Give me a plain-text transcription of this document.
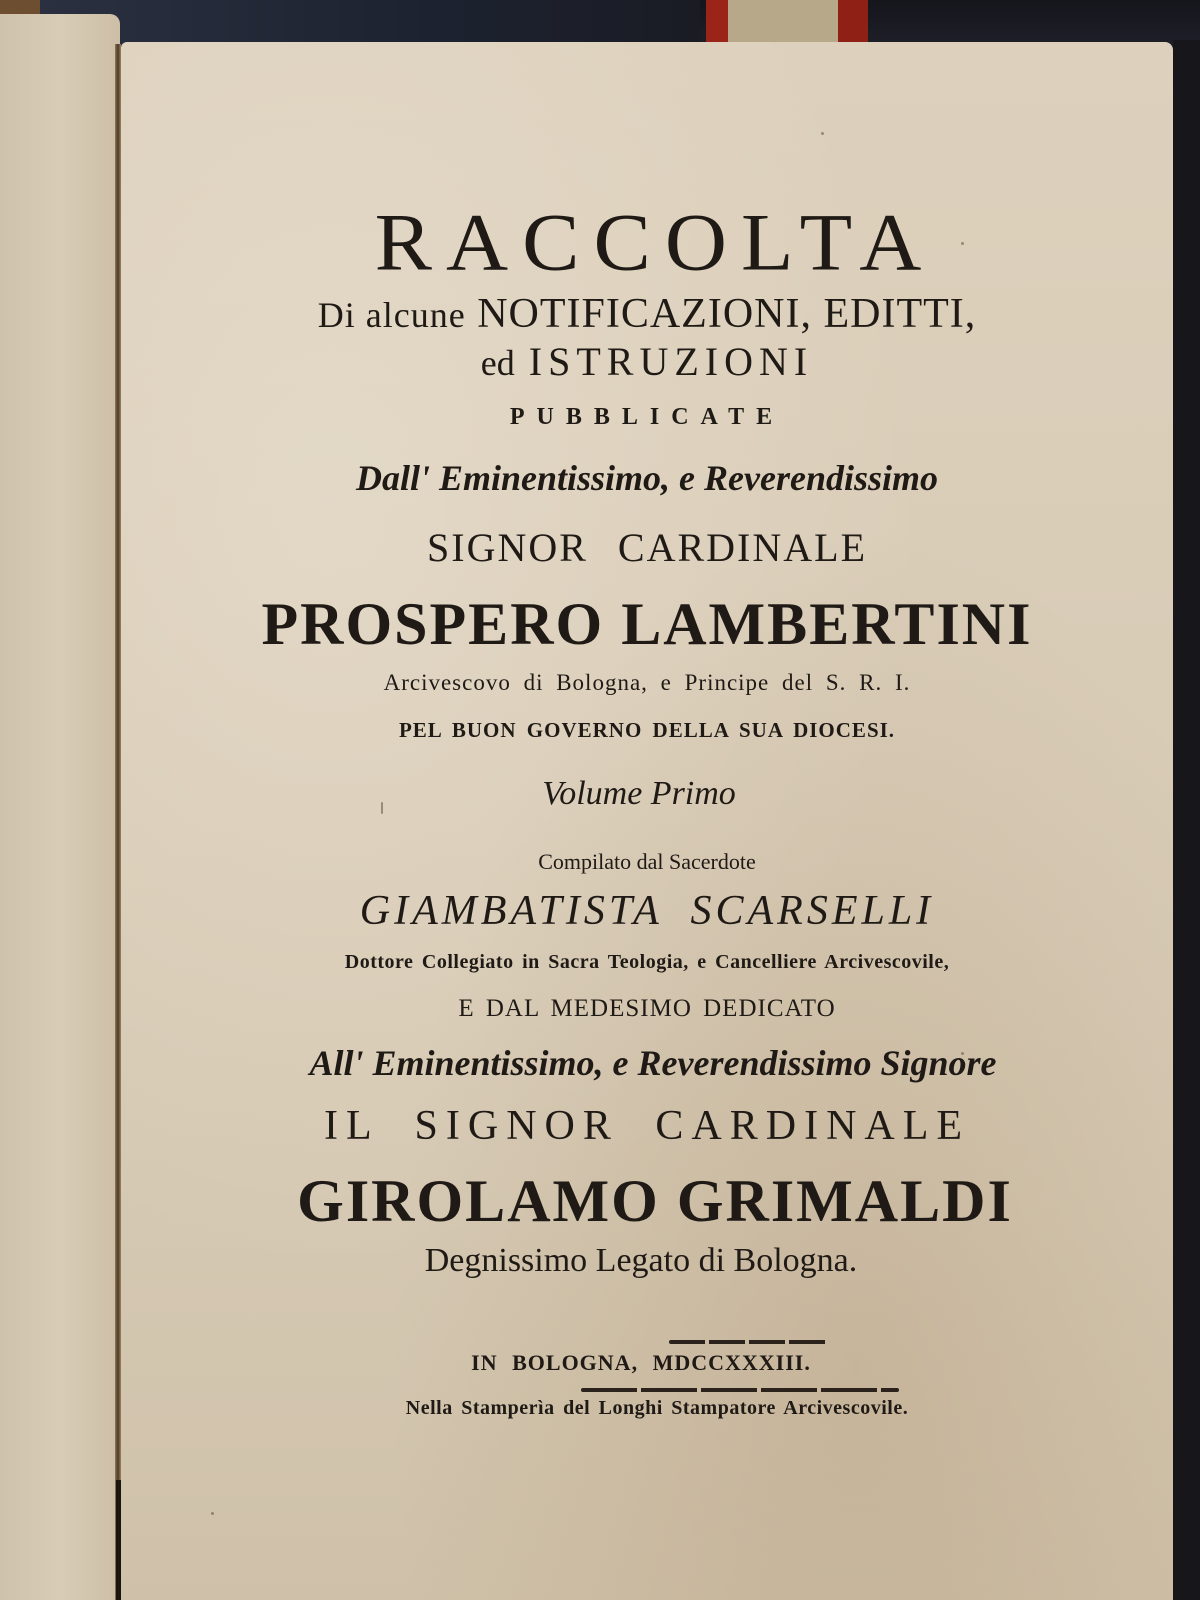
RACCOLTA
Di alcune NOTIFICAZIONI, EDITTI,
ed ISTRUZIONI
PUBBLICATE
Dall' Eminentissimo, e Reverendissimo
SIGNOR CARDINALE
PROSPERO LAMBERTINI
Arcivescovo di Bologna, e Principe del S. R. I.
PEL BUON GOVERNO DELLA SUA DIOCESI.
Volume Primo
Compilato dal Sacerdote
GIAMBATISTA SCARSELLI
Dottore Collegiato in Sacra Teologia, e Cancelliere Arcivescovile,
E DAL MEDESIMO DEDICATO
All' Eminentissimo, e Reverendissimo Signore
IL SIGNOR CARDINALE
GIROLAMO GRIMALDI
Degnissimo Legato di Bologna.
IN BOLOGNA, MDCCXXXIII.
Nella Stamperìa del Longhi Stampatore Arcivescovile.
